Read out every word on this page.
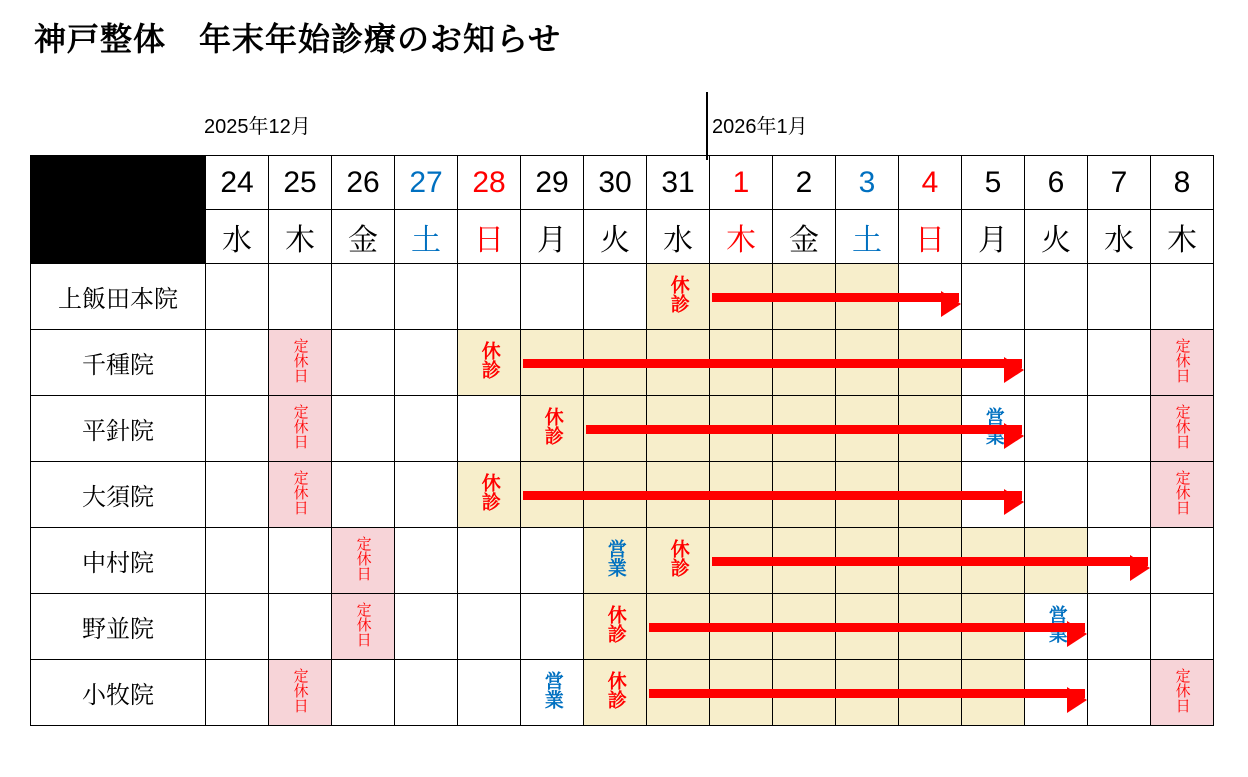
神戸整体　年末年始診療のお知らせ
2025年12月	2026年1月
	24	25	26	27	28	29	30	31	1	2	3	4	5	6	7	8
	水	木	金	土	日	月	火	水	木	金	土	日	月	火	水	木
上飯田本院								休診								
千種院		定休日			休診											定休日
平針院		定休日				休診							営業			定休日
大須院		定休日			休診											定休日
中村院			定休日				営業	休診								
野並院			定休日				休診							営業		
小牧院		定休日				営業	休診									定休日
